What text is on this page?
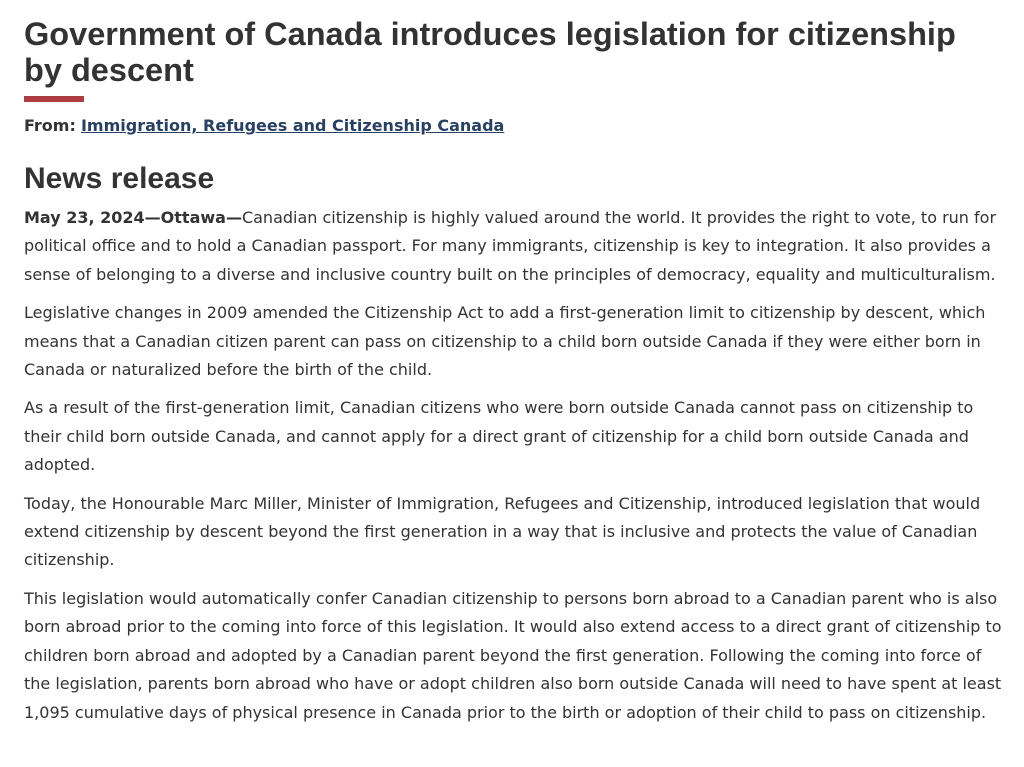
Government of Canada introduces legislation for citizenship by descent
From: Immigration, Refugees and Citizenship Canada
News release

May 23, 2024—Ottawa—Canadian citizenship is highly valued around the world. It provides the right to vote, to run for political office and to hold a Canadian passport. For many immigrants, citizenship is key to integration. It also provides a sense of belonging to a diverse and inclusive country built on the principles of democracy, equality and multiculturalism.

Legislative changes in 2009 amended the Citizenship Act to add a first-generation limit to citizenship by descent, which means that a Canadian citizen parent can pass on citizenship to a child born outside Canada if they were either born in Canada or naturalized before the birth of the child.

As a result of the first-generation limit, Canadian citizens who were born outside Canada cannot pass on citizenship to their child born outside Canada, and cannot apply for a direct grant of citizenship for a child born outside Canada and adopted.

Today, the Honourable Marc Miller, Minister of Immigration, Refugees and Citizenship, introduced legislation that would extend citizenship by descent beyond the first generation in a way that is inclusive and protects the value of Canadian citizenship.

This legislation would automatically confer Canadian citizenship to persons born abroad to a Canadian parent who is also born abroad prior to the coming into force of this legislation. It would also extend access to a direct grant of citizenship to children born abroad and adopted by a Canadian parent beyond the first generation. Following the coming into force of the legislation, parents born abroad who have or adopt children also born outside Canada will need to have spent at least 1,095 cumulative days of physical presence in Canada prior to the birth or adoption of their child to pass on citizenship.
